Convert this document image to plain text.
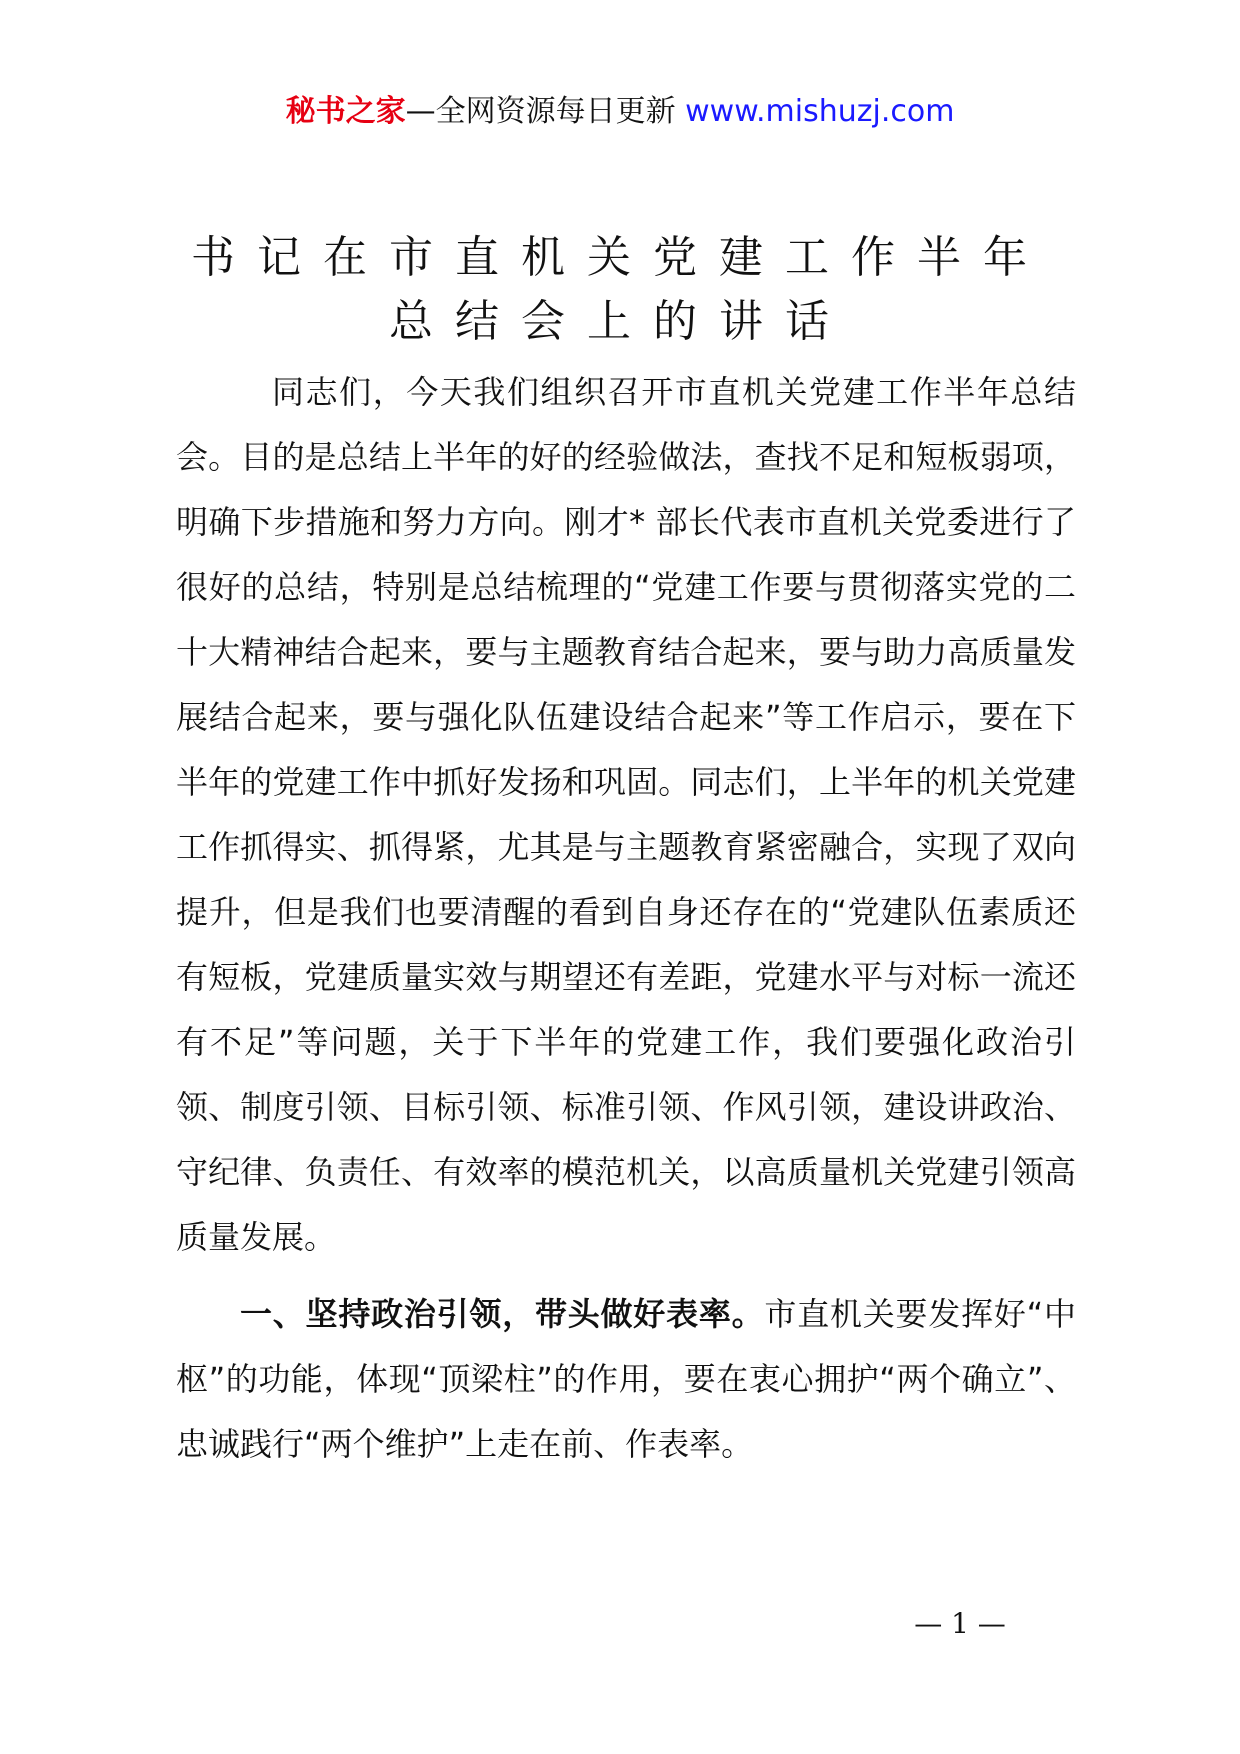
秘书之家—全网资源每日更新 www.mishuzj.com
书记在市直机关党建工作半年
总结会上的讲话

同志们，今天我们组织召开市直机关党建工作半年总结会。目的是总结上半年的好的经验做法，查找不足和短板弱项，明确下步措施和努力方向。刚才* 部长代表市直机关党委进行了很好的总结，特别是总结梳理的“党建工作要与贯彻落实党的二十大精神结合起来，要与主题教育结合起来，要与助力高质量发展结合起来，要与强化队伍建设结合起来”等工作启示，要在下半年的党建工作中抓好发扬和巩固。同志们，上半年的机关党建工作抓得实、抓得紧，尤其是与主题教育紧密融合，实现了双向提升，但是我们也要清醒的看到自身还存在的“党建队伍素质还有短板，党建质量实效与期望还有差距，党建水平与对标一流还有不足”等问题，关于下半年的党建工作，我们要强化政治引领、制度引领、目标引领、标准引领、作风引领，建设讲政治、守纪律、负责任、有效率的模范机关，以高质量机关党建引领高质量发展。

一、坚持政治引领，带头做好表率。市直机关要发挥好“中枢”的功能，体现“顶梁柱”的作用，要在衷心拥护“两个确立”、忠诚践行“两个维护”上走在前、作表率。

— 1 —
